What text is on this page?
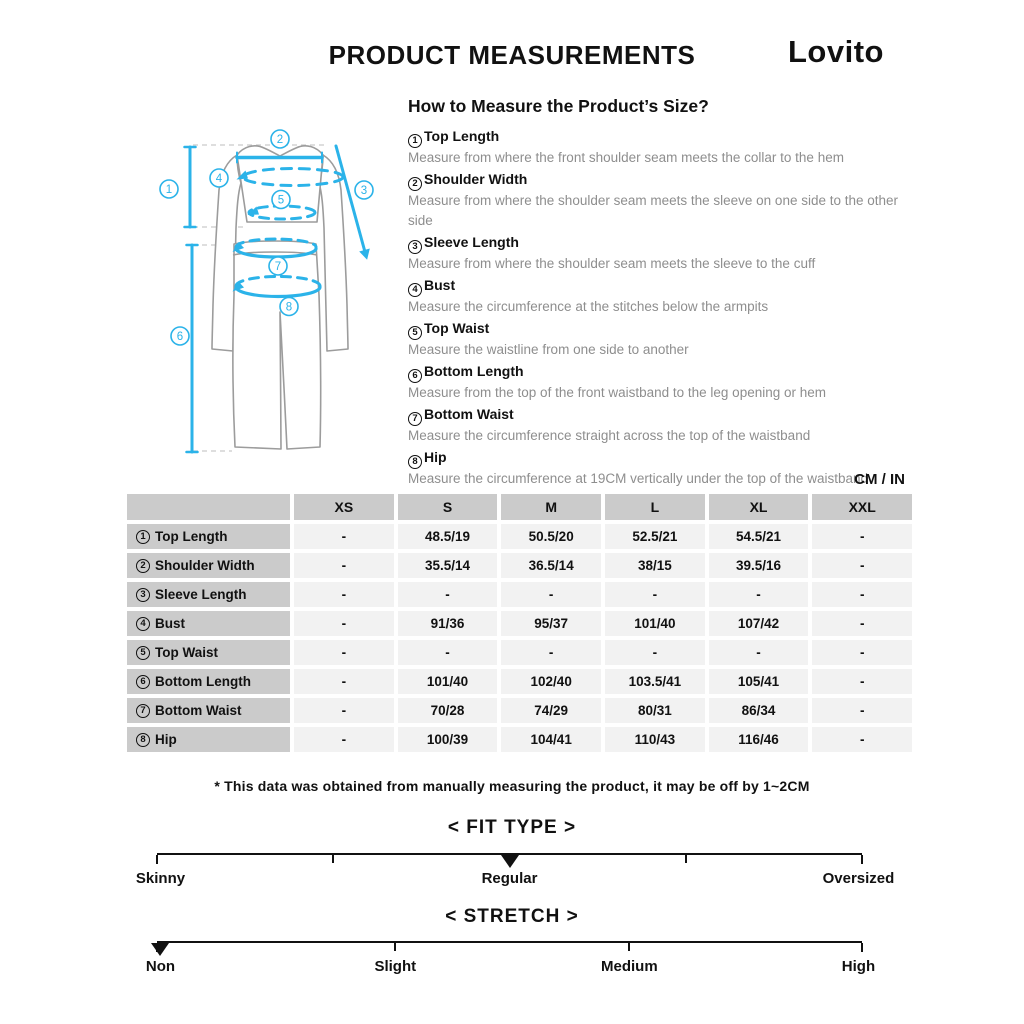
PRODUCT MEASUREMENTS	Lovito
1
2
3
4
5
6
7
8
How to Measure the Product’s Size?
1 Top Length
Measure from where the front shoulder seam meets the collar to the hem
2 Shoulder Width
Measure from where the shoulder seam meets the sleeve on one side to the other side
3 Sleeve Length
Measure from where the shoulder seam meets the sleeve to the cuff
4 Bust
Measure the circumference at the stitches below the armpits
5 Top Waist
Measure the waistline from one side to another
6 Bottom Length
Measure from the top of the front waistband to the leg opening or hem
7 Bottom Waist
Measure the circumference straight across the top of the waistband
8 Hip
Measure the circumference at 19CM vertically under the top of the waistband
CM / IN
XS	S	M	L	XL	XXL
1 Top Length	-	48.5/19	50.5/20	52.5/21	54.5/21	-
2 Shoulder Width	-	35.5/14	36.5/14	38/15	39.5/16	-
3 Sleeve Length	-	-	-	-	-	-
4 Bust	-	91/36	95/37	101/40	107/42	-
5 Top Waist	-	-	-	-	-	-
6 Bottom Length	-	101/40	102/40	103.5/41	105/41	-
7 Bottom Waist	-	70/28	74/29	80/31	86/34	-
8 Hip	-	100/39	104/41	110/43	116/46	-
* This data was obtained from manually measuring the product, it may be off by 1~2CM
< FIT TYPE >
Skinny	Regular	Oversized
< STRETCH >
Non	Slight	Medium	High
